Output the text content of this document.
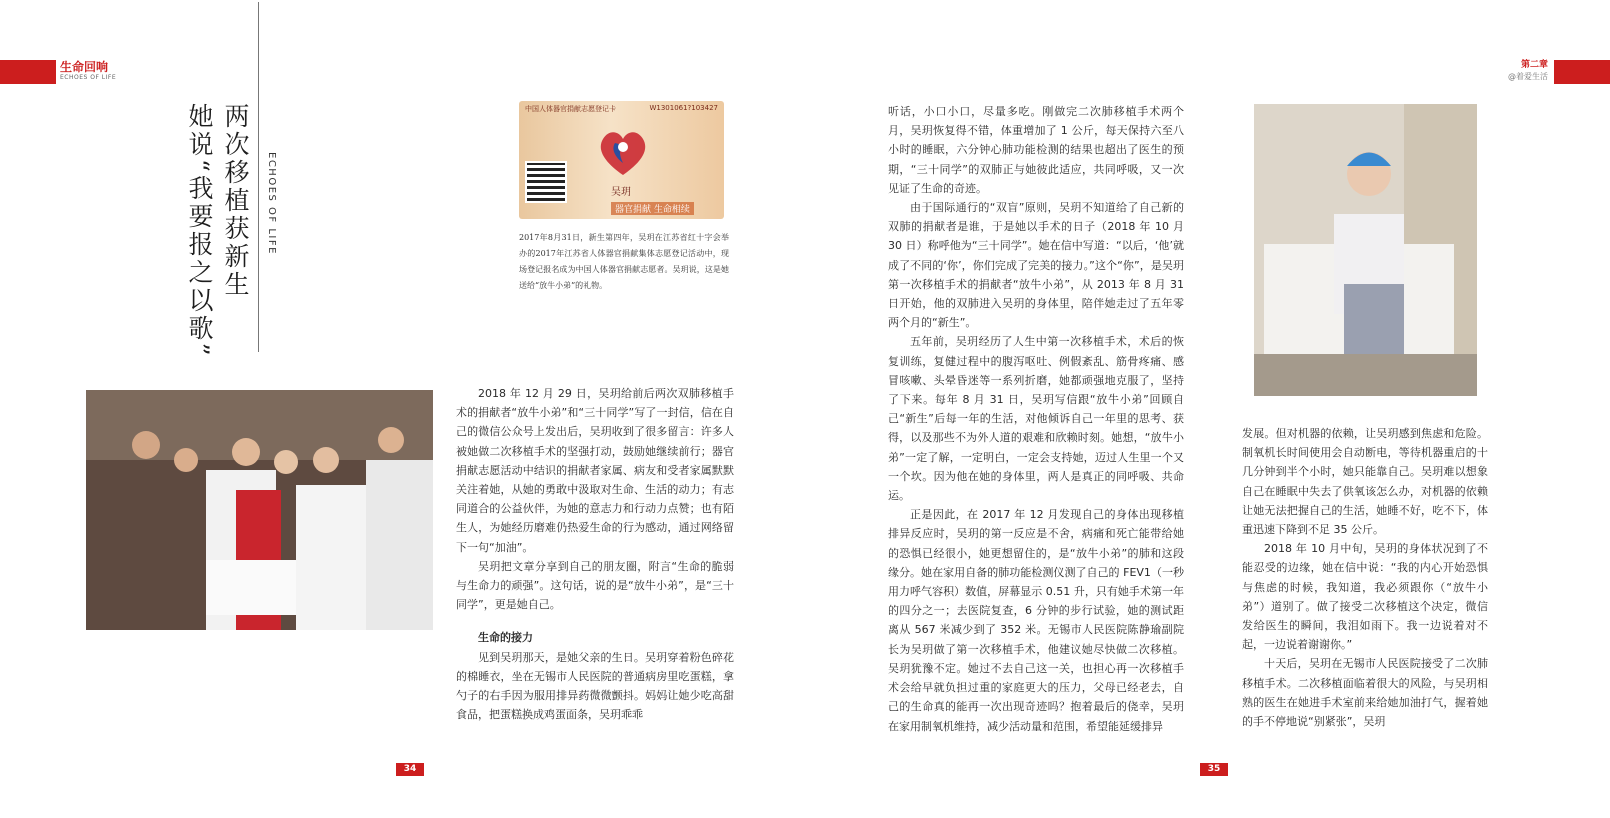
生命回响
ECHOES OF LIFE
第二章
@着爱生活
两次移植获新生
她说“我要报之以歌”	ECHOES OF LIFE
中国人体器官捐献志愿登记卡	W1301061?103427
吴玥
器官捐献 生命相续
2017年8月31日，新生第四年，吴玥在江苏省红十字会举办的2017年江苏省人体器官捐献集体志愿登记活动中，现场登记报名成为中国人体器官捐献志愿者。吴玥说，这是她送给“放牛小弟”的礼物。

2018 年 12 月 29 日，吴玥给前后两次双肺移植手术的捐献者“放牛小弟”和“三十同学”写了一封信，信在自己的微信公众号上发出后，吴玥收到了很多留言：许多人被她做二次移植手术的坚强打动，鼓励她继续前行；器官捐献志愿活动中结识的捐献者家属、病友和受者家属默默关注着她，从她的勇敢中汲取对生命、生活的动力；有志同道合的公益伙伴，为她的意志力和行动力点赞；也有陌生人，为她经历磨难仍热爱生命的行为感动，通过网络留下一句“加油”。

吴玥把文章分享到自己的朋友圈，附言“生命的脆弱与生命力的顽强”。这句话，说的是“放牛小弟”，是“三十同学”，更是她自己。

生命的接力

见到吴玥那天，是她父亲的生日。吴玥穿着粉色碎花的棉睡衣，坐在无锡市人民医院的普通病房里吃蛋糕，拿勺子的右手因为服用排异药微微颤抖。妈妈让她少吃高甜食品，把蛋糕换成鸡蛋面条，吴玥乖乖

听话，小口小口，尽量多吃。刚做完二次肺移植手术两个月，吴玥恢复得不错，体重增加了 1 公斤，每天保持六至八小时的睡眠，六分钟心肺功能检测的结果也超出了医生的预期，“三十同学”的双肺正与她彼此适应，共同呼吸，又一次见证了生命的奇迹。

由于国际通行的“双盲”原则，吴玥不知道给了自己新的双肺的捐献者是谁，于是她以手术的日子（2018 年 10 月 30 日）称呼他为“三十同学”。她在信中写道：“以后，‘他’就成了不同的‘你’，你们完成了完美的接力。”这个“你”，是吴玥第一次移植手术的捐献者“放牛小弟”，从 2013 年 8 月 31 日开始，他的双肺进入吴玥的身体里，陪伴她走过了五年零两个月的“新生”。

五年前，吴玥经历了人生中第一次移植手术，术后的恢复训练，复健过程中的腹泻呕吐、例假紊乱、筋骨疼痛、感冒咳嗽、头晕昏迷等一系列折磨，她都顽强地克服了，坚持了下来。每年 8 月 31 日，吴玥写信跟“放牛小弟”回顾自己“新生”后每一年的生活，对他倾诉自己一年里的思考、获得，以及那些不为外人道的艰难和欣赖时刻。她想，“放牛小弟”一定了解，一定明白，一定会支持她，迈过人生里一个又一个坎。因为他在她的身体里，两人是真正的同呼吸、共命运。

正是因此，在 2017 年 12 月发现自己的身体出现移植排异反应时，吴玥的第一反应是不舍，病痛和死亡能带给她的恐惧已经很小，她更想留住的，是“放牛小弟”的肺和这段缘分。她在家用自备的肺功能检测仪测了自己的 FEV1（一秒用力呼气容积）数值，屏幕显示 0.51 升，只有她手术第一年的四分之一；去医院复查，6 分钟的步行试验，她的测试距离从 567 米减少到了 352 米。无锡市人民医院陈静瑜副院长为吴玥做了第一次移植手术，他建议她尽快做二次移植。吴玥犹豫不定。她过不去自己这一关，也担心再一次移植手术会给早就负担过重的家庭更大的压力，父母已经老去，自己的生命真的能再一次出现奇迹吗？抱着最后的侥幸，吴玥在家用制氧机维持，减少活动量和范围，希望能延缓排异

发展。但对机器的依赖，让吴玥感到焦虑和危险。制氧机长时间使用会自动断电，等待机器重启的十几分钟到半个小时，她只能靠自己。吴玥难以想象自己在睡眠中失去了供氧该怎么办，对机器的依赖让她无法把握自己的生活，她睡不好，吃不下，体重迅速下降到不足 35 公斤。

2018 年 10 月中旬，吴玥的身体状况到了不能忍受的边缘，她在信中说：“我的内心开始恐惧与焦虑的时候，我知道，我必须跟你（“放牛小弟”）道别了。做了接受二次移植这个决定，微信发给医生的瞬间，我泪如雨下。我一边说着对不起，一边说着谢谢你。”

十天后，吴玥在无锡市人民医院接受了二次肺移植手术。二次移植面临着很大的风险，与吴玥相熟的医生在她进手术室前来给她加油打气，握着她的手不停地说“别紧张”，吴玥

34	35
